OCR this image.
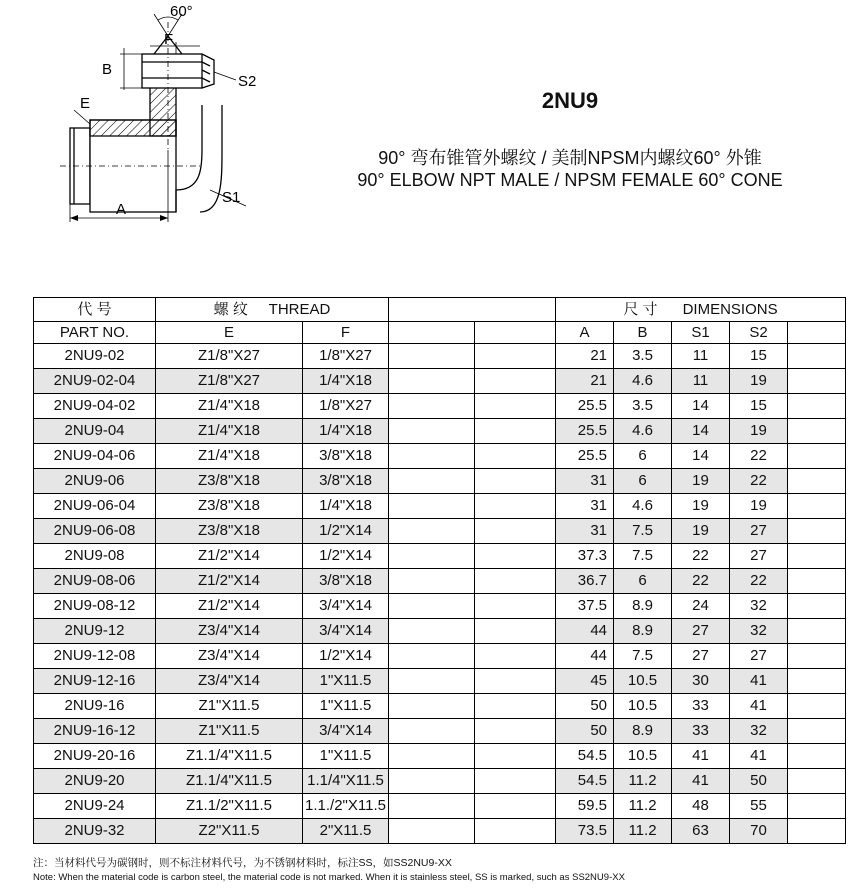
60°
F
B
S2
E
S1
A
2NU9
90° 弯布锥管外螺纹 / 美制NPSM内螺纹60° 外锥
90° ELBOW NPT MALE / NPSM FEMALE 60° CONE
代 号	螺 纹 THREAD				尺 寸 DIMENSIONS				
PART NO.	E	F			A	B	S1	S2	
2NU9-02	Z1/8"X27	1/8"X27			21	3.5	11	15	
2NU9-02-04	Z1/8"X27	1/4"X18			21	4.6	11	19	
2NU9-04-02	Z1/4"X18	1/8"X27			25.5	3.5	14	15	
2NU9-04	Z1/4"X18	1/4"X18			25.5	4.6	14	19	
2NU9-04-06	Z1/4"X18	3/8"X18			25.5	6	14	22	
2NU9-06	Z3/8"X18	3/8"X18			31	6	19	22	
2NU9-06-04	Z3/8"X18	1/4"X18			31	4.6	19	19	
2NU9-06-08	Z3/8"X18	1/2"X14			31	7.5	19	27	
2NU9-08	Z1/2"X14	1/2"X14			37.3	7.5	22	27	
2NU9-08-06	Z1/2"X14	3/8"X18			36.7	6	22	22	
2NU9-08-12	Z1/2"X14	3/4"X14			37.5	8.9	24	32	
2NU9-12	Z3/4"X14	3/4"X14			44	8.9	27	32	
2NU9-12-08	Z3/4"X14	1/2"X14			44	7.5	27	27	
2NU9-12-16	Z3/4"X14	1"X11.5			45	10.5	30	41	
2NU9-16	Z1"X11.5	1"X11.5			50	10.5	33	41	
2NU9-16-12	Z1"X11.5	3/4"X14			50	8.9	33	32	
2NU9-20-16	Z1.1/4"X11.5	1"X11.5			54.5	10.5	41	41	
2NU9-20	Z1.1/4"X11.5	1.1/4"X11.5			54.5	11.2	41	50	
2NU9-24	Z1.1/2"X11.5	1.1./2"X11.5			59.5	11.2	48	55	
2NU9-32	Z2"X11.5	2"X11.5			73.5	11.2	63	70	
注：当材料代号为碳钢时，则不标注材料代号，为不锈钢材料时，标注SS，如SS2NU9-XX
Note: When the material code is carbon steel, the material code is not marked. When it is stainless steel, SS is marked, such as SS2NU9-XX
